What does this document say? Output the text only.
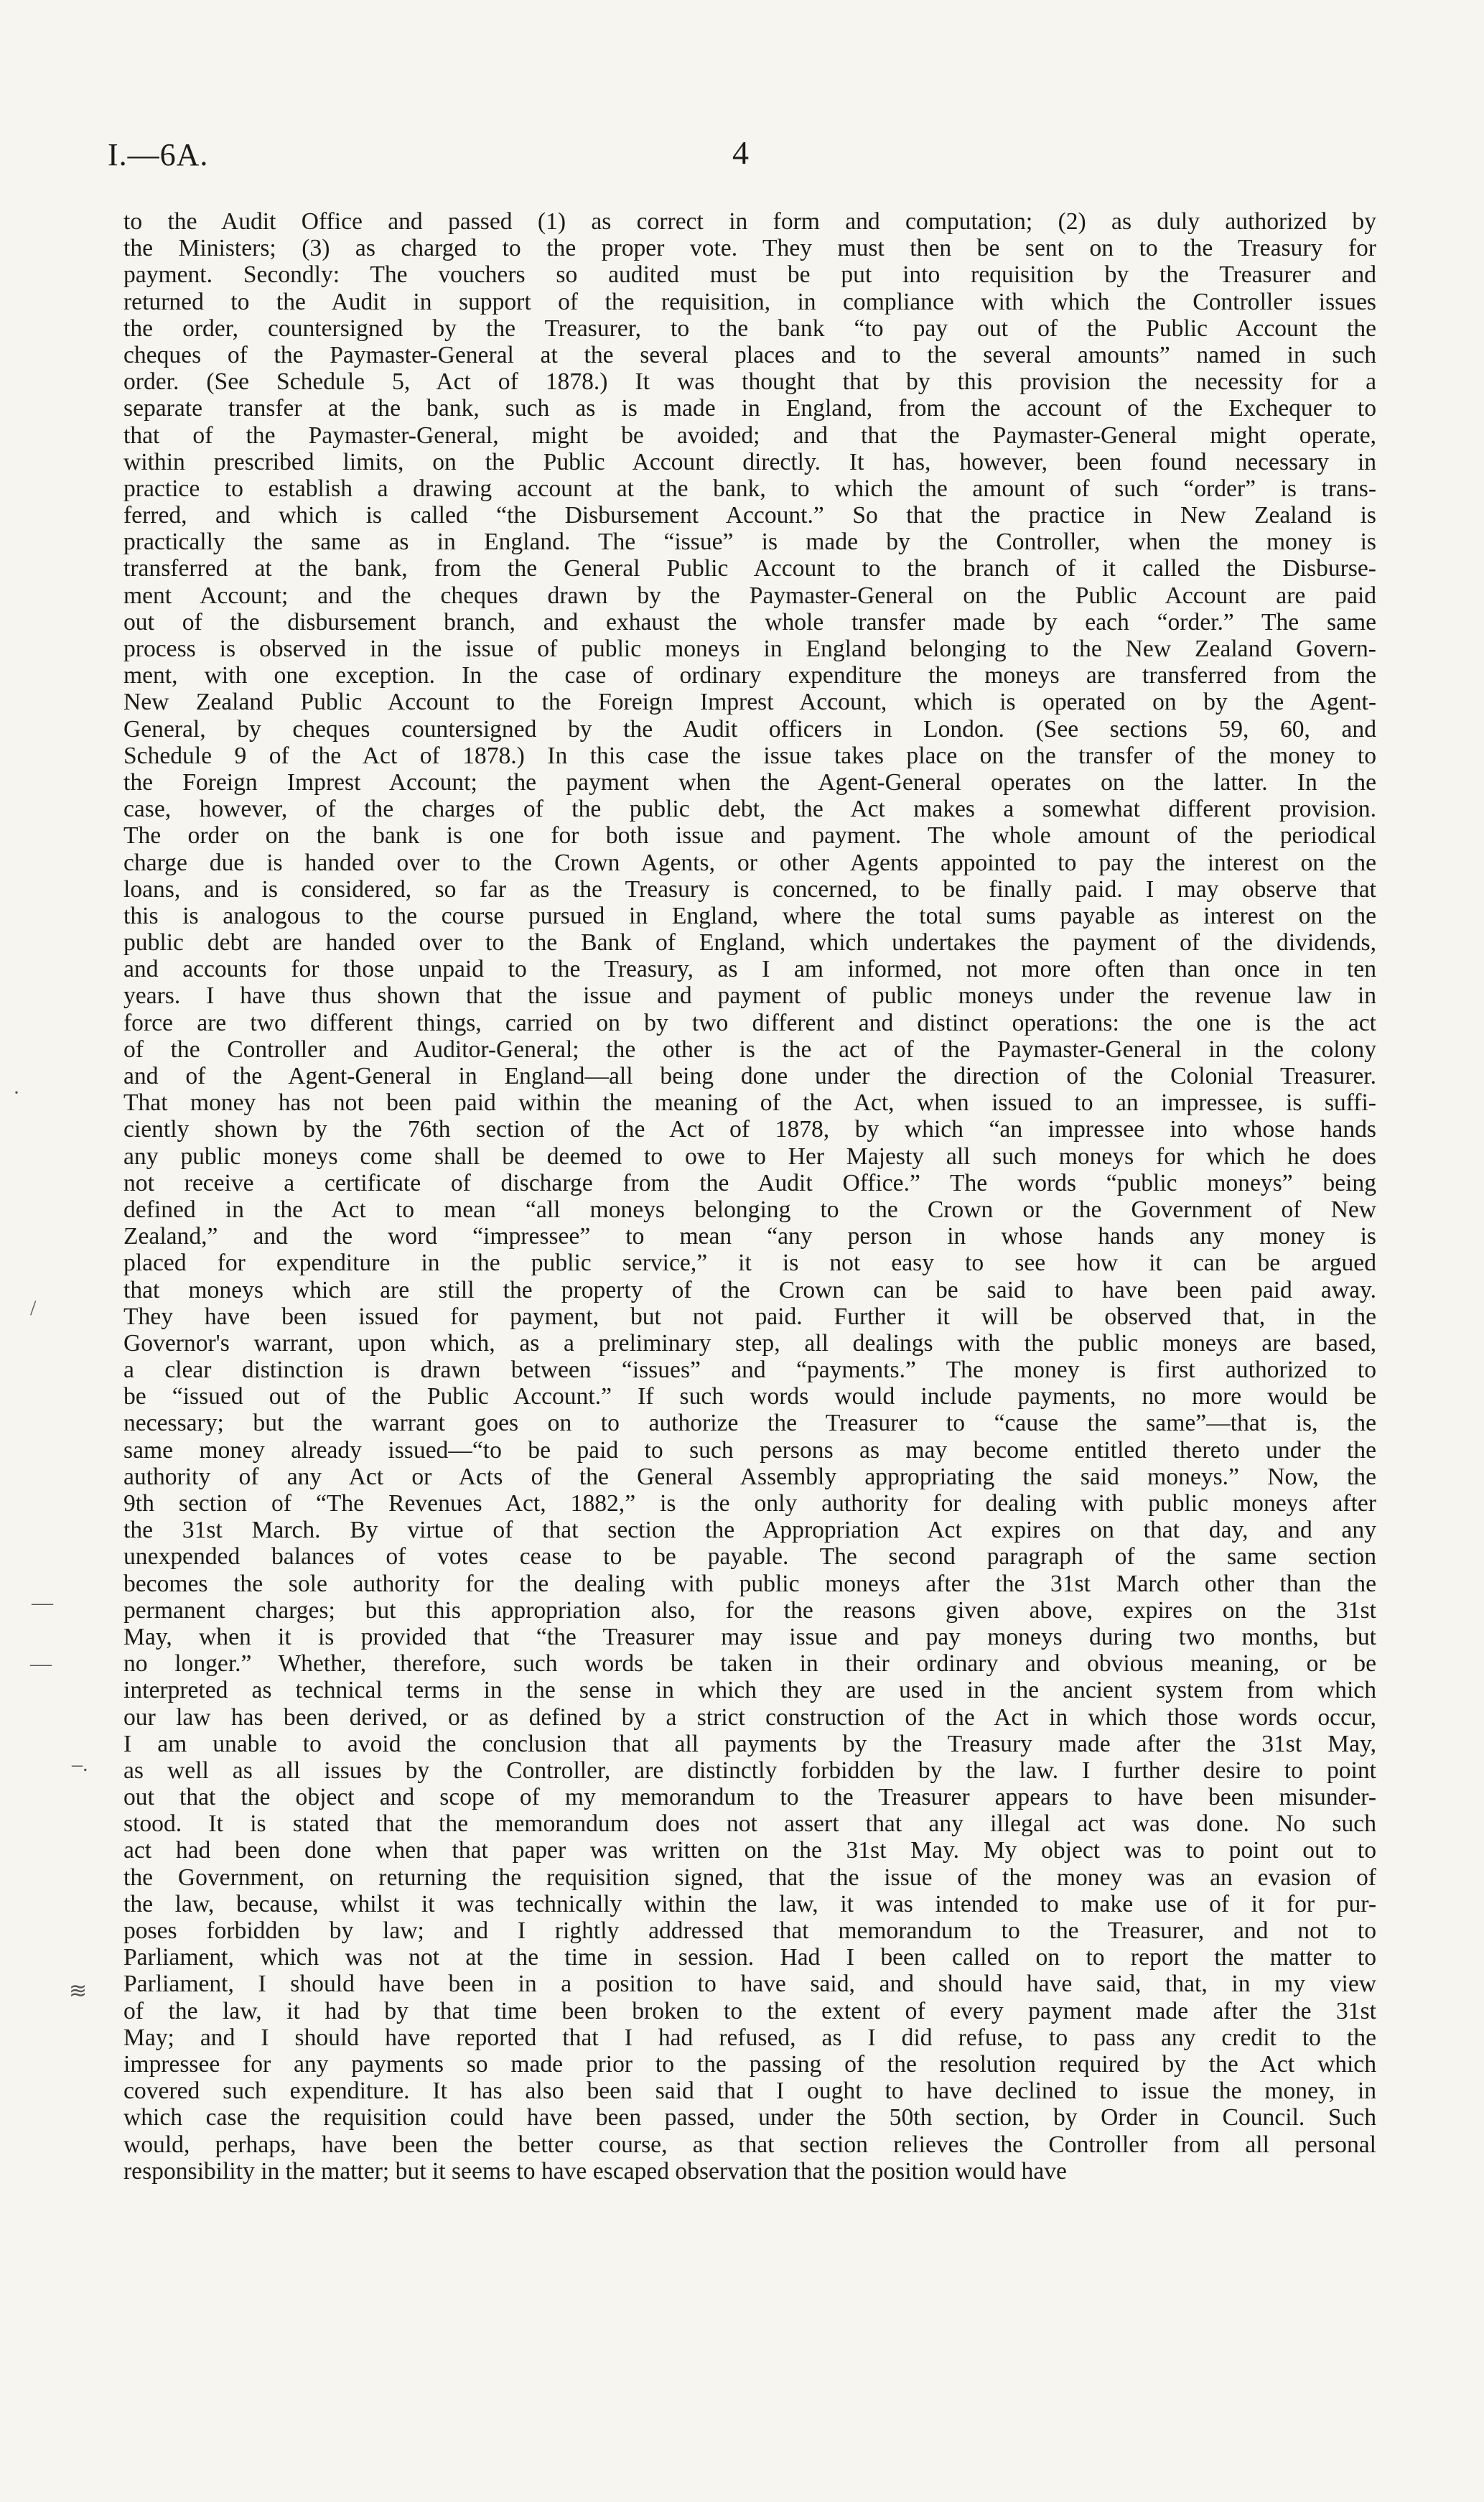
I.—6A.	4
·
/
—
—
–.
≋
to the Audit Office and passed (1) as correct in form and computation; (2) as duly authorized by
the Ministers; (3) as charged to the proper vote. They must then be sent on to the Treasury for
payment. Secondly: The vouchers so audited must be put into requisition by the Treasurer and
returned to the Audit in support of the requisition, in compliance with which the Controller issues
the order, countersigned by the Treasurer, to the bank “to pay out of the Public Account the
cheques of the Paymaster-General at the several places and to the several amounts” named in such
order. (See Schedule 5, Act of 1878.) It was thought that by this provision the necessity for a
separate transfer at the bank, such as is made in England, from the account of the Exchequer to
that of the Paymaster-General, might be avoided; and that the Paymaster-General might operate,
within prescribed limits, on the Public Account directly. It has, however, been found necessary in
practice to establish a drawing account at the bank, to which the amount of such “order” is trans-
ferred, and which is called “the Disbursement Account.” So that the practice in New Zealand is
practically the same as in England. The “issue” is made by the Controller, when the money is
transferred at the bank, from the General Public Account to the branch of it called the Disburse-
ment Account; and the cheques drawn by the Paymaster-General on the Public Account are paid
out of the disbursement branch, and exhaust the whole transfer made by each “order.” The same
process is observed in the issue of public moneys in England belonging to the New Zealand Govern-
ment, with one exception. In the case of ordinary expenditure the moneys are transferred from the
New Zealand Public Account to the Foreign Imprest Account, which is operated on by the Agent-
General, by cheques countersigned by the Audit officers in London. (See sections 59, 60, and
Schedule 9 of the Act of 1878.) In this case the issue takes place on the transfer of the money to
the Foreign Imprest Account; the payment when the Agent-General operates on the latter. In the
case, however, of the charges of the public debt, the Act makes a somewhat different provision.
The order on the bank is one for both issue and payment. The whole amount of the periodical
charge due is handed over to the Crown Agents, or other Agents appointed to pay the interest on the
loans, and is considered, so far as the Treasury is concerned, to be finally paid. I may observe that
this is analogous to the course pursued in England, where the total sums payable as interest on the
public debt are handed over to the Bank of England, which undertakes the payment of the dividends,
and accounts for those unpaid to the Treasury, as I am informed, not more often than once in ten
years. I have thus shown that the issue and payment of public moneys under the revenue law in
force are two different things, carried on by two different and distinct operations: the one is the act
of the Controller and Auditor-General; the other is the act of the Paymaster-General in the colony
and of the Agent-General in England—all being done under the direction of the Colonial Treasurer.
That money has not been paid within the meaning of the Act, when issued to an impressee, is suffi-
ciently shown by the 76th section of the Act of 1878, by which “an impressee into whose hands
any public moneys come shall be deemed to owe to Her Majesty all such moneys for which he does
not receive a certificate of discharge from the Audit Office.” The words “public moneys” being
defined in the Act to mean “all moneys belonging to the Crown or the Government of New
Zealand,” and the word “impressee” to mean “any person in whose hands any money is
placed for expenditure in the public service,” it is not easy to see how it can be argued
that moneys which are still the property of the Crown can be said to have been paid away.
They have been issued for payment, but not paid. Further it will be observed that, in the
Governor's warrant, upon which, as a preliminary step, all dealings with the public moneys are based,
a clear distinction is drawn between “issues” and “payments.” The money is first authorized to
be “issued out of the Public Account.” If such words would include payments, no more would be
necessary; but the warrant goes on to authorize the Treasurer to “cause the same”—that is, the
same money already issued—“to be paid to such persons as may become entitled thereto under the
authority of any Act or Acts of the General Assembly appropriating the said moneys.” Now, the
9th section of “The Revenues Act, 1882,” is the only authority for dealing with public moneys after
the 31st March. By virtue of that section the Appropriation Act expires on that day, and any
unexpended balances of votes cease to be payable. The second paragraph of the same section
becomes the sole authority for the dealing with public moneys after the 31st March other than the
permanent charges; but this appropriation also, for the reasons given above, expires on the 31st
May, when it is provided that “the Treasurer may issue and pay moneys during two months, but
no longer.” Whether, therefore, such words be taken in their ordinary and obvious meaning, or be
interpreted as technical terms in the sense in which they are used in the ancient system from which
our law has been derived, or as defined by a strict construction of the Act in which those words occur,
I am unable to avoid the conclusion that all payments by the Treasury made after the 31st May,
as well as all issues by the Controller, are distinctly forbidden by the law. I further desire to point
out that the object and scope of my memorandum to the Treasurer appears to have been misunder-
stood. It is stated that the memorandum does not assert that any illegal act was done. No such
act had been done when that paper was written on the 31st May. My object was to point out to
the Government, on returning the requisition signed, that the issue of the money was an evasion of
the law, because, whilst it was technically within the law, it was intended to make use of it for pur-
poses forbidden by law; and I rightly addressed that memorandum to the Treasurer, and not to
Parliament, which was not at the time in session. Had I been called on to report the matter to
Parliament, I should have been in a position to have said, and should have said, that, in my view
of the law, it had by that time been broken to the extent of every payment made after the 31st
May; and I should have reported that I had refused, as I did refuse, to pass any credit to the
impressee for any payments so made prior to the passing of the resolution required by the Act which
covered such expenditure. It has also been said that I ought to have declined to issue the money, in
which case the requisition could have been passed, under the 50th section, by Order in Council. Such
would, perhaps, have been the better course, as that section relieves the Controller from all personal
responsibility in the matter; but it seems to have escaped observation that the position would have
